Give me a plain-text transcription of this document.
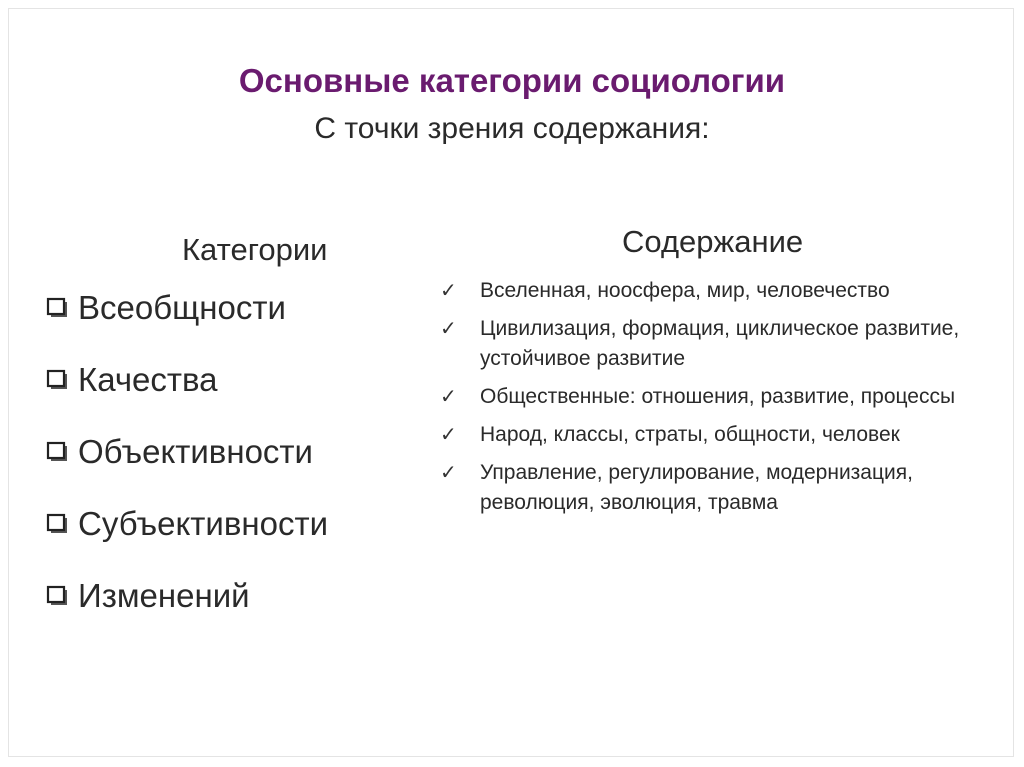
Основные категории социологии
С точки зрения содержания:
Категории	Содержание
Всеобщности
Качества
Объективности
Субъективности
Изменений
✓	Вселенная, ноосфера, мир, человечество
✓	Цивилизация, формация, циклическое развитие, устойчивое развитие
✓	Общественные: отношения, развитие, процессы
✓	Народ, классы, страты, общности, человек
✓	Управление, регулирование, модернизация, революция, эволюция, травма
